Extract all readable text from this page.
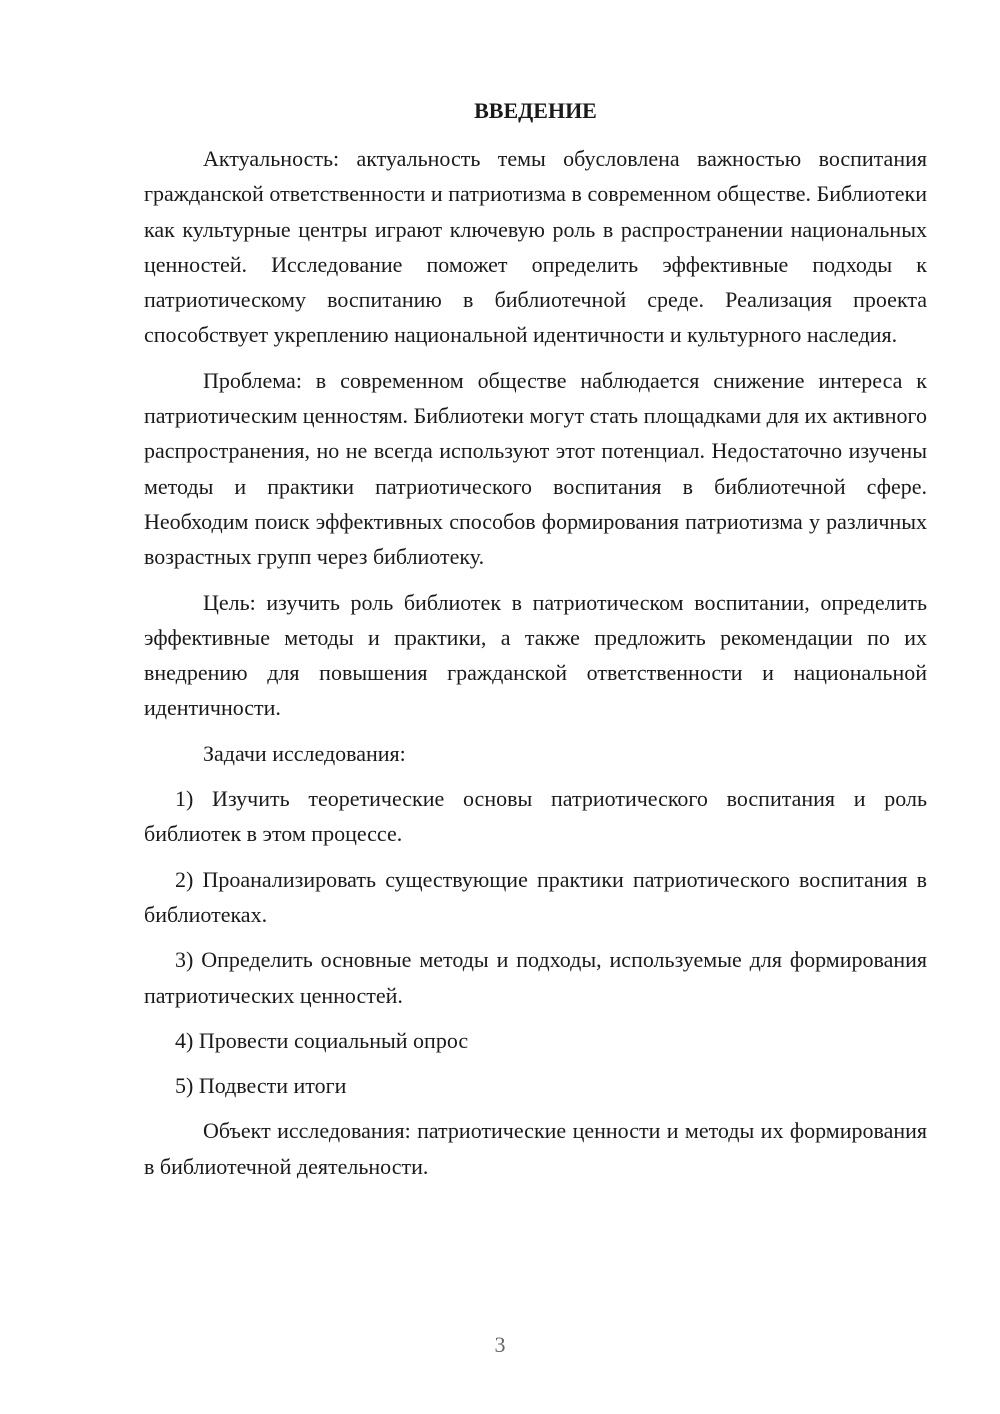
ВВЕДЕНИЕ

Актуальность: актуальность темы обусловлена важностью воспитания гражданской ответственности и патриотизма в современном обществе. Библиотеки как культурные центры играют ключевую роль в распространении национальных ценностей. Исследование поможет определить эффективные подходы к патриотическому воспитанию в библиотечной среде. Реализация проекта способствует укреплению национальной идентичности и культурного наследия.

Проблема: в современном обществе наблюдается снижение интереса к патриотическим ценностям. Библиотеки могут стать площадками для их активного распространения, но не всегда используют этот потенциал. Недостаточно изучены методы и практики патриотического воспитания в библиотечной сфере. Необходим поиск эффективных способов формирования патриотизма у различных возрастных групп через библиотеку.

Цель: изучить роль библиотек в патриотическом воспитании, определить эффективные методы и практики, а также предложить рекомендации по их внедрению для повышения гражданской ответственности и национальной идентичности.

Задачи исследования:

1) Изучить теоретические основы патриотического воспитания и роль библиотек в этом процессе.

2) Проанализировать существующие практики патриотического воспитания в библиотеках.

3) Определить основные методы и подходы, используемые для формирования патриотических ценностей.

4) Провести социальный опрос

5) Подвести итоги

Объект исследования: патриотические ценности и методы их формирования в библиотечной деятельности.

3
